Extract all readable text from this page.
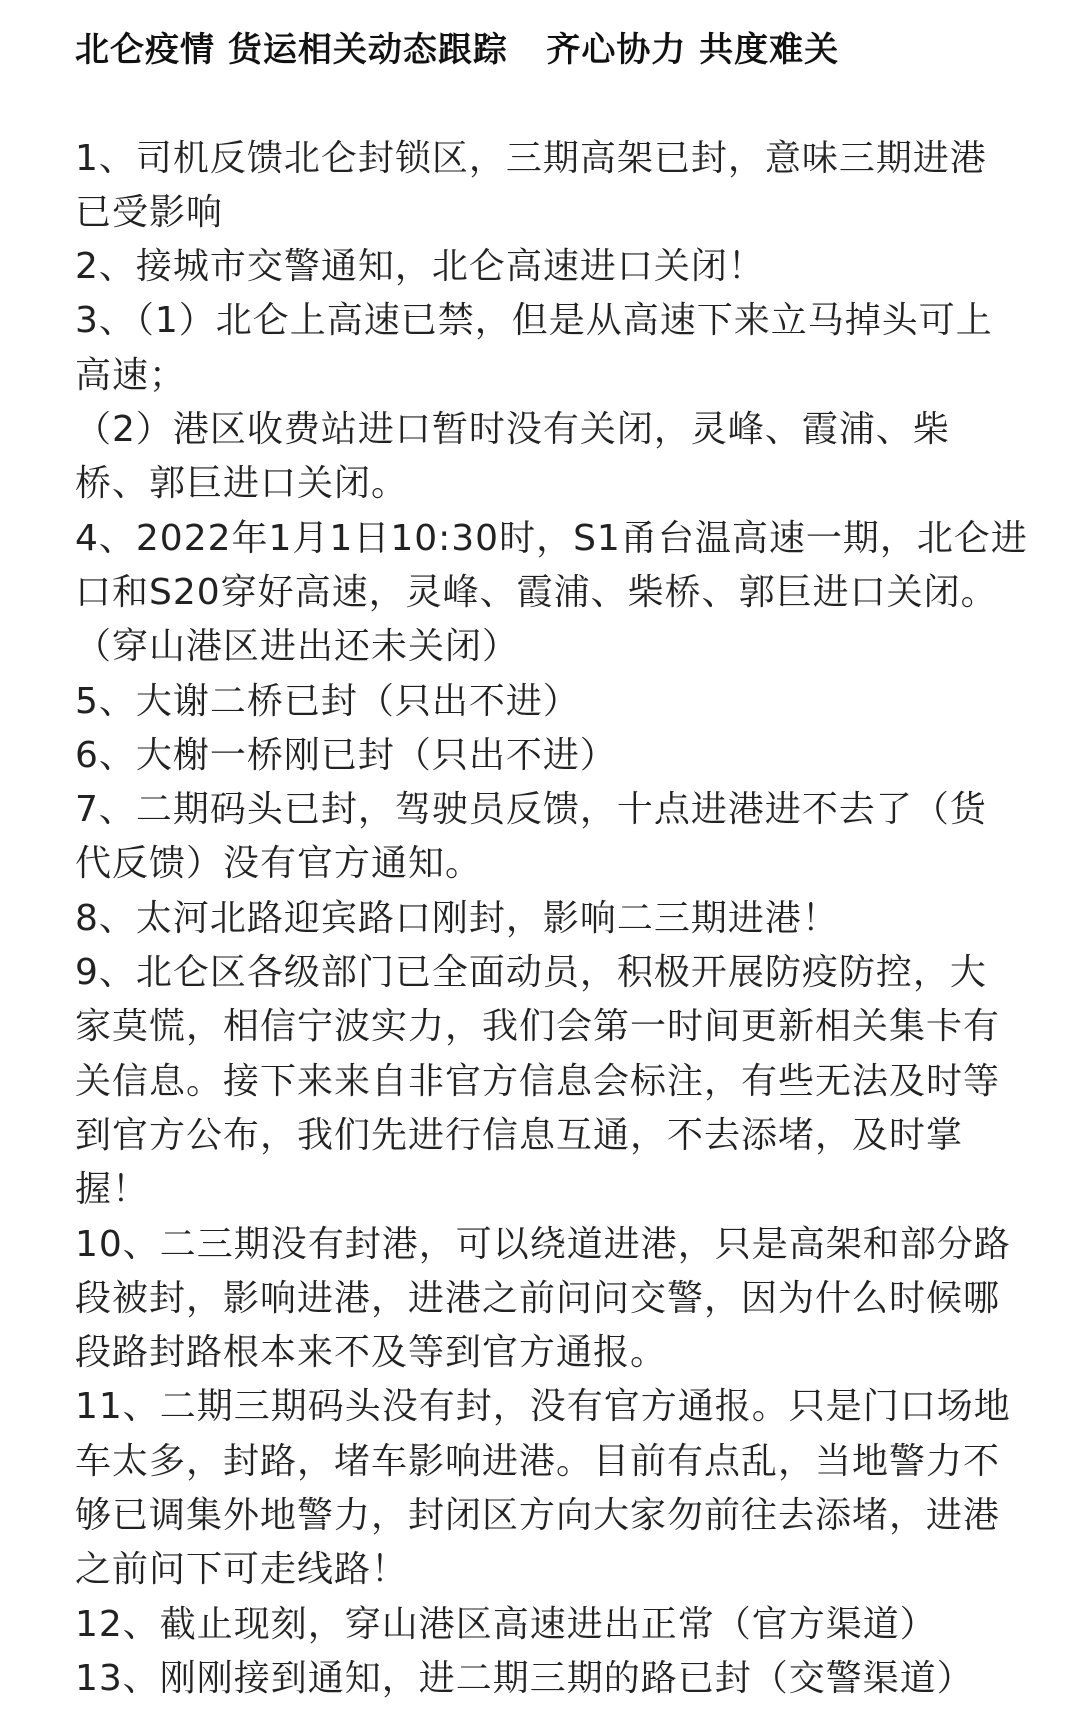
北仑疫情 货运相关动态跟踪   齐心协力 共度难关
1、司机反馈北仑封锁区，三期高架已封，意味三期进港
已受影响
2、接城市交警通知，北仑高速进口关闭！
3、（1）北仑上高速已禁，但是从高速下来立马掉头可上
高速；
（2）港区收费站进口暂时没有关闭，灵峰、霞浦、柴
桥、郭巨进口关闭。
4、2022年1月1日10:30时，S1甬台温高速一期，北仑进
口和S20穿好高速，灵峰、霞浦、柴桥、郭巨进口关闭。
（穿山港区进出还未关闭）
5、大谢二桥已封（只出不进）
6、大榭一桥刚已封（只出不进）
7、二期码头已封，驾驶员反馈，十点进港进不去了（货
代反馈）没有官方通知。
8、太河北路迎宾路口刚封，影响二三期进港！
9、北仑区各级部门已全面动员，积极开展防疫防控，大
家莫慌，相信宁波实力，我们会第一时间更新相关集卡有
关信息。接下来来自非官方信息会标注，有些无法及时等
到官方公布，我们先进行信息互通，不去添堵，及时掌
握！
10、二三期没有封港，可以绕道进港，只是高架和部分路
段被封，影响进港，进港之前问问交警，因为什么时候哪
段路封路根本来不及等到官方通报。
11、二期三期码头没有封，没有官方通报。只是门口场地
车太多，封路，堵车影响进港。目前有点乱，当地警力不
够已调集外地警力，封闭区方向大家勿前往去添堵，进港
之前问下可走线路！
12、截止现刻，穿山港区高速进出正常（官方渠道）
13、刚刚接到通知，进二期三期的路已封（交警渠道）
